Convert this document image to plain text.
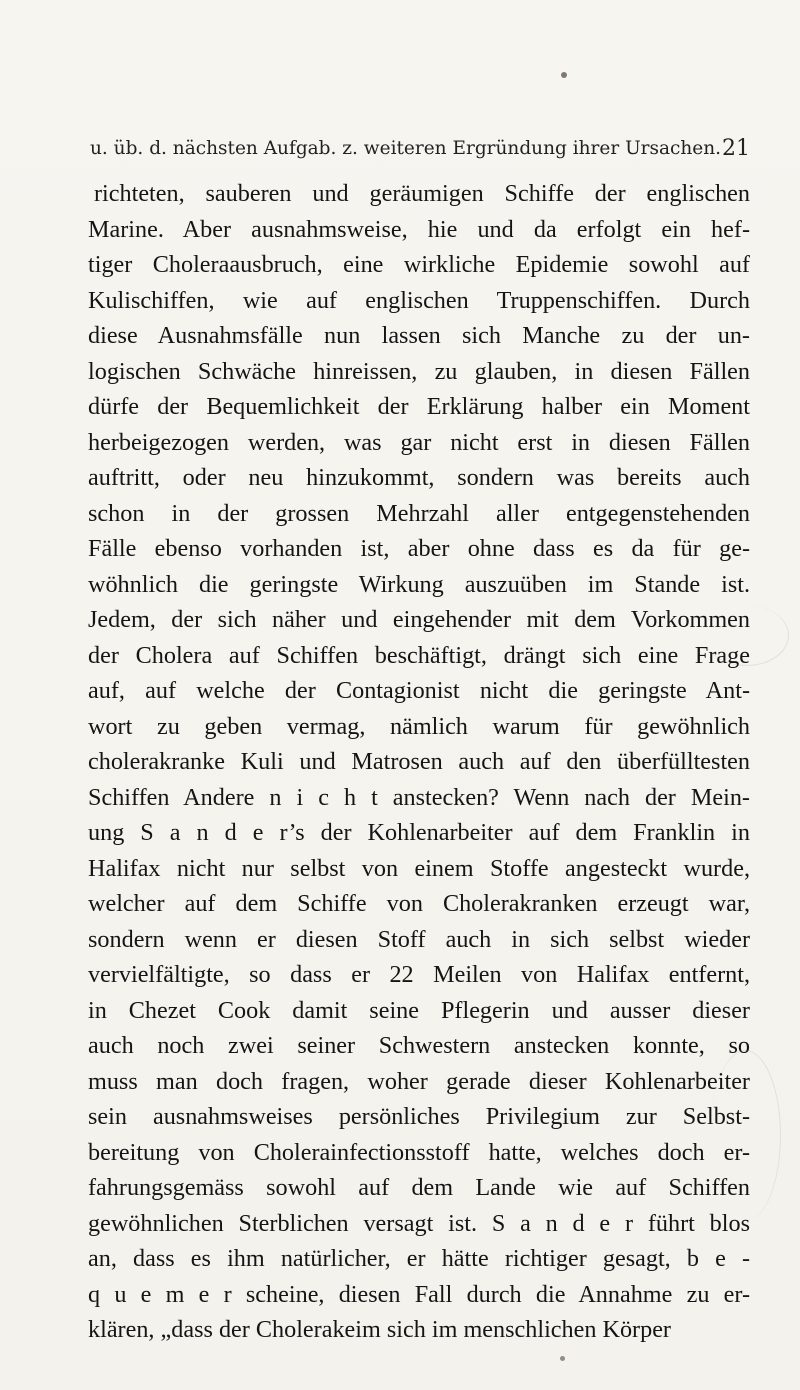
u. üb. d. nächsten Aufgab. z. weiteren Ergründung ihrer Ursachen. 21
richteten, sauberen und geräumigen Schiffe der englischen
Marine. Aber ausnahmsweise, hie und da erfolgt ein hef-
tiger Choleraausbruch, eine wirkliche Epidemie sowohl auf
Kulischiffen, wie auf englischen Truppenschiffen. Durch
diese Ausnahmsfälle nun lassen sich Manche zu der un-
logischen Schwäche hinreissen, zu glauben, in diesen Fällen
dürfe der Bequemlichkeit der Erklärung halber ein Moment
herbeigezogen werden, was gar nicht erst in diesen Fällen
auftritt, oder neu hinzukommt, sondern was bereits auch
schon in der grossen Mehrzahl aller entgegenstehenden
Fälle ebenso vorhanden ist, aber ohne dass es da für ge-
wöhnlich die geringste Wirkung auszuüben im Stande ist.
Jedem, der sich näher und eingehender mit dem Vorkommen
der Cholera auf Schiffen beschäftigt, drängt sich eine Frage
auf, auf welche der Contagionist nicht die geringste Ant-
wort zu geben vermag, nämlich warum für gewöhnlich
cholerakranke Kuli und Matrosen auch auf den überfülltesten
Schiffen Andere n i c h t anstecken? Wenn nach der Mein-
ung S a n d e r’s der Kohlenarbeiter auf dem Franklin in
Halifax nicht nur selbst von einem Stoffe angesteckt wurde,
welcher auf dem Schiffe von Cholerakranken erzeugt war,
sondern wenn er diesen Stoff auch in sich selbst wieder
vervielfältigte, so dass er 22 Meilen von Halifax entfernt,
in Chezet Cook damit seine Pflegerin und ausser dieser
auch noch zwei seiner Schwestern anstecken konnte, so
muss man doch fragen, woher gerade dieser Kohlenarbeiter
sein ausnahmsweises persönliches Privilegium zur Selbst-
bereitung von Cholerainfectionsstoff hatte, welches doch er-
fahrungsgemäss sowohl auf dem Lande wie auf Schiffen
gewöhnlichen Sterblichen versagt ist. S a n d e r führt blos
an, dass es ihm natürlicher, er hätte richtiger gesagt, b e -
q u e m e r scheine, diesen Fall durch die Annahme zu er-
klären, „dass der Cholerakeim sich im menschlichen Körper
